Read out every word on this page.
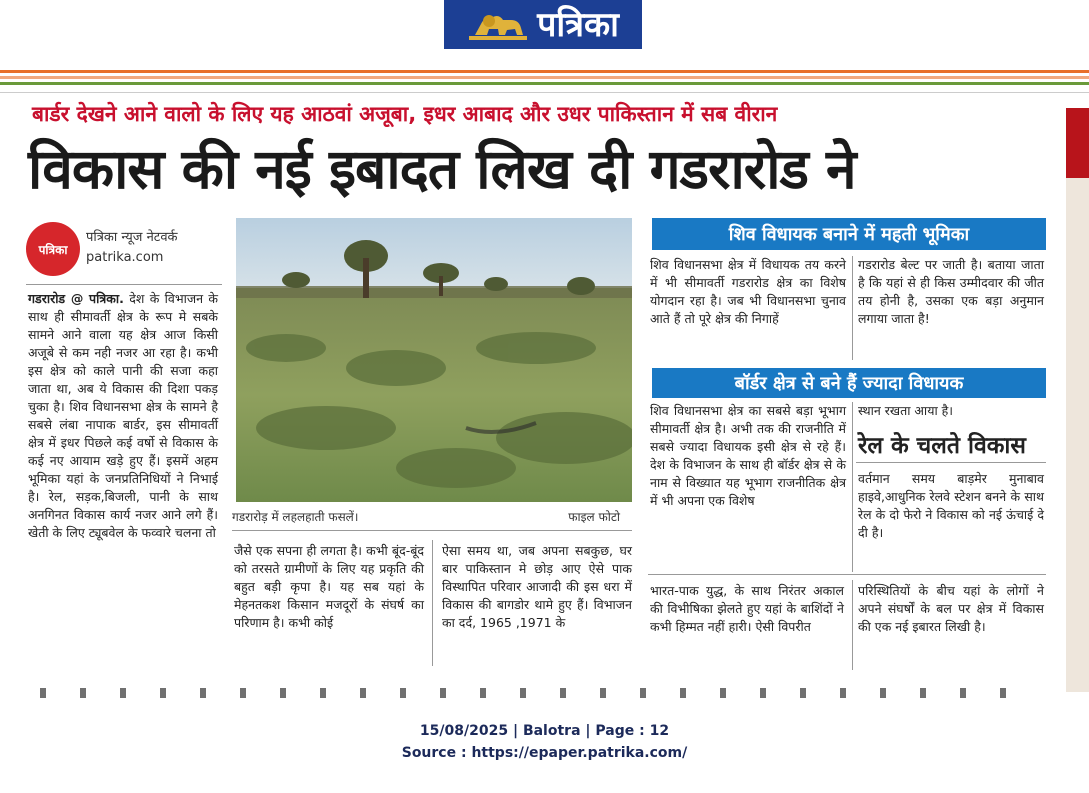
पत्रिका
बार्डर देखने आने वालो के लिए यह आठवां अजूबा, इधर आबाद और उधर पाकिस्तान में सब वीरान
विकास की नई इबादत लिख दी गडरारोड ने
पत्रिका
पत्रिका न्यूज नेटवर्क
patrika.com
गडरारोड @ पत्रिका. देश के विभाजन के साथ ही सीमावर्ती क्षेत्र के रूप मे सबके सामने आने वाला यह क्षेत्र आज किसी अजूबे से कम नही नजर आ रहा है। कभी इस क्षेत्र को काले पानी की सजा कहा जाता था, अब ये विकास की दिशा पकड़ चुका है। शिव विधानसभा क्षेत्र के सामने है सबसे लंबा नापाक बार्डर, इस सीमावर्ती क्षेत्र में इधर पिछले कई वर्षो से विकास के कई नए आयाम खड़े हुए हैं। इसमें अहम भूमिका यहां के जनप्रतिनिधियों ने निभाई है। रेल, सड़क,बिजली, पानी के साथ अनगिनत विकास कार्य नजर आने लगे हैं। खेती के लिए ट्यूबवेल के फव्वारे चलना तो
गडरारोड़ में लहलहाती फसलें।	फाइल फोटो
जैसे एक सपना ही लगता है। कभी बूंद-बूंद को तरसते ग्रामीणों के लिए यह प्रकृति की बहुत बड़ी कृपा है। यह सब यहां के मेहनतकश किसान मजदूरों के संघर्ष का परिणाम है। कभी कोई
ऐसा समय था, जब अपना सबकुछ, घर बार पाकिस्तान मे छोड़ आए ऐसे पाक विस्थापित परिवार आजादी की इस धरा में विकास की बागडोर थामे हुए हैं। विभाजन का दर्द, 1965 ,1971 के
शिव विधायक बनाने में महती भूमिका
शिव विधानसभा क्षेत्र में विधायक तय करने में भी सीमावर्ती गडरारोड क्षेत्र का विशेष योगदान रहा है। जब भी विधानसभा चुनाव आते हैं तो पूरे क्षेत्र की निगाहें
गडरारोड बेल्ट पर जाती है। बताया जाता है कि यहां से ही किस उम्मीदवार की जीत तय होनी है, उसका एक बड़ा अनुमान लगाया जाता है!
बॉर्डर क्षेत्र से बने हैं ज्यादा विधायक
शिव विधानसभा क्षेत्र का सबसे बड़ा भूभाग सीमावर्ती क्षेत्र है। अभी तक की राजनीति में सबसे ज्यादा विधायक इसी क्षेत्र से रहे हैं। देश के विभाजन के साथ ही बॉर्डर क्षेत्र से के नाम से विख्यात यह भूभाग राजनीतिक क्षेत्र में भी अपना एक विशेष
स्थान रखता आया है।
रेल के चलते विकास
वर्तमान समय बाड़मेर मुनाबाव हाइवे,आधुनिक रेलवे स्टेशन बनने के साथ रेल के दो फेरो ने विकास को नई ऊंचाई दे दी है।
भारत-पाक युद्ध, के साथ निरंतर अकाल की विभीषिका झेलते हुए यहां के बाशिंदों ने कभी हिम्मत नहीं हारी। ऐसी विपरीत
परिस्थितियों के बीच यहां के लोगों ने अपने संघर्षों के बल पर क्षेत्र में विकास की एक नई इबारत लिखी है।
15/08/2025 | Balotra | Page : 12
Source : https://epaper.patrika.com/
